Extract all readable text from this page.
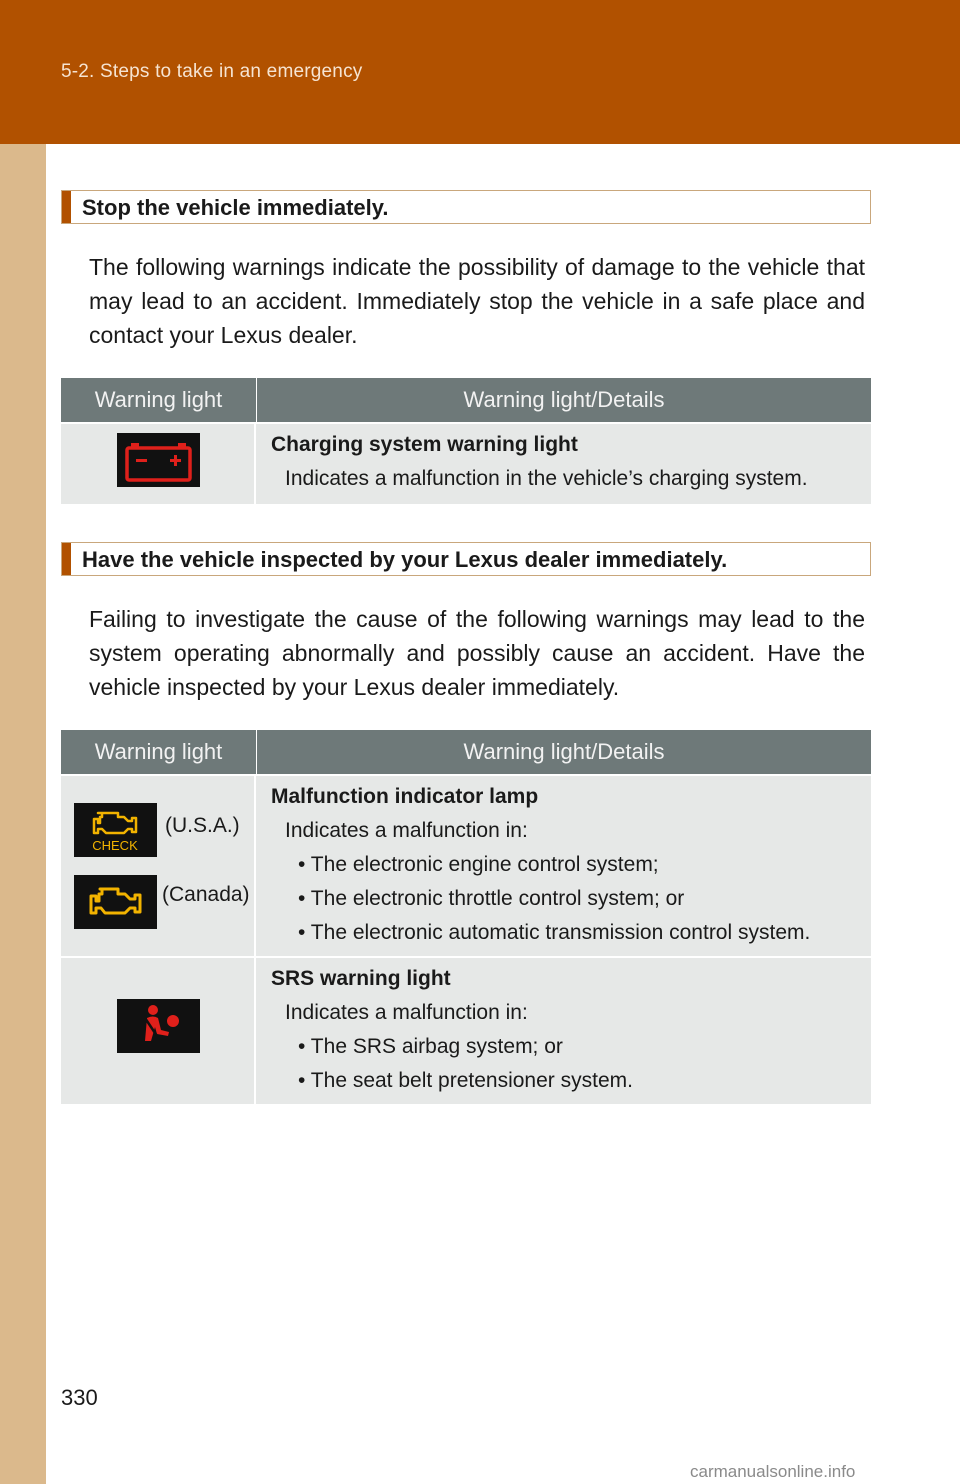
5-2. Steps to take in an emergency
Stop the vehicle immediately.
The following warnings indicate the possibility of damage to the vehicle that may lead to an accident. Immediately stop the vehicle in a safe place and contact your Lexus dealer.
Warning light	Warning light/Details
Charging system warning light
Indicates a malfunction in the vehicle’s charging system.
Have the vehicle inspected by your Lexus dealer immediately.
Failing to investigate the cause of the following warnings may lead to the system operating abnormally and possibly cause an accident. Have the vehicle inspected by your Lexus dealer immediately.
Warning light	Warning light/Details
CHECK
(U.S.A.)
(Canada)
Malfunction indicator lamp
Indicates a malfunction in:
• The electronic engine control system;
• The electronic throttle control system; or
• The electronic automatic transmission control system.
SRS warning light
Indicates a malfunction in:
• The SRS airbag system; or
• The seat belt pretensioner system.
330
carmanualsonline.info
